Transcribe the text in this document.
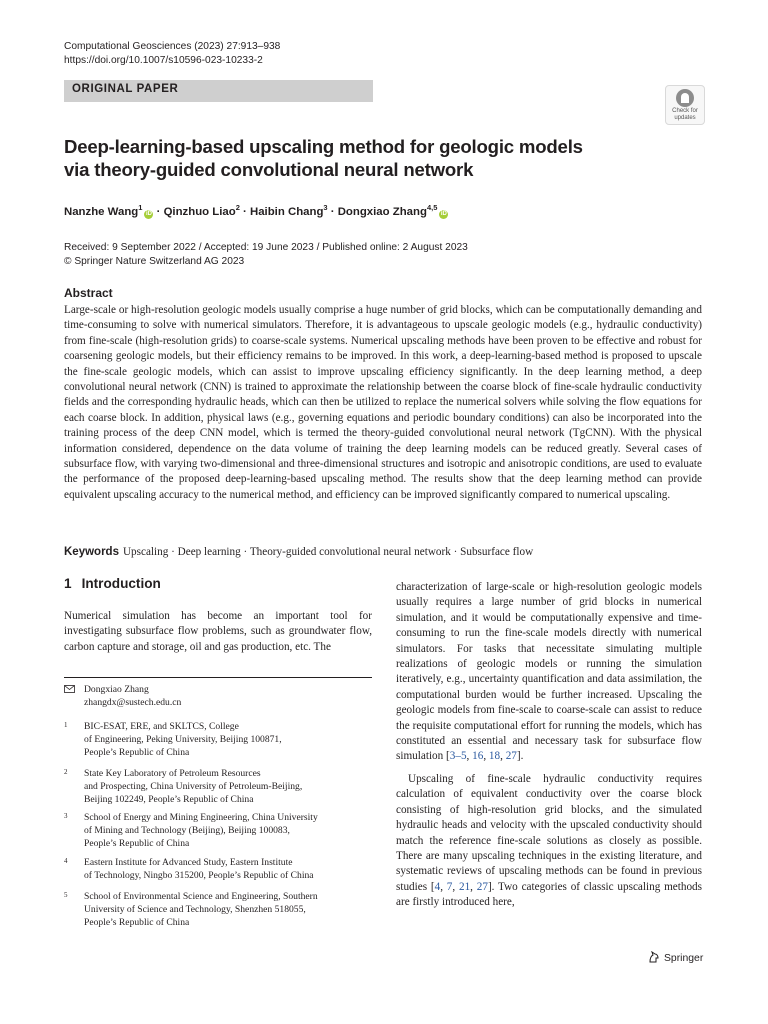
Computational Geosciences (2023) 27:913–938
https://doi.org/10.1007/s10596-023-10233-2
ORIGINAL PAPER
Check for
updates
Deep-learning-based upscaling method for geologic models
via theory-guided convolutional neural network
Nanzhe Wang$^1$iD · Qinzhuo Liao$^2$ · Haibin Chang$^3$ · Dongxiao Zhang$^{4,5}$iD
Received: 9 September 2022 / Accepted: 19 June 2023 / Published online: 2 August 2023
© Springer Nature Switzerland AG 2023
Abstract

Large-scale or high-resolution geologic models usually comprise a huge number of grid blocks, which can be computationally demanding and time-consuming to solve with numerical simulators. Therefore, it is advantageous to upscale geologic models (e.g., hydraulic conductivity) from fine-scale (high-resolution grids) to coarse-scale systems. Numerical upscaling methods have been proven to be effective and robust for coarsening geologic models, but their efficiency remains to be improved. In this work, a deep-learning-based method is proposed to upscale the fine-scale geologic models, which can assist to improve upscaling efficiency significantly. In the deep learning method, a deep convolutional neural network (CNN) is trained to approximate the relationship between the coarse block of fine-scale hydraulic conductivity fields and the corresponding hydraulic heads, which can then be utilized to replace the numerical solvers while solving the flow equations for each coarse block. In addition, physical laws (e.g., governing equations and periodic boundary conditions) can also be incorporated into the training process of the deep CNN model, which is termed the theory-guided convolutional neural network (TgCNN). With the physical information considered, dependence on the data volume of training the deep learning models can be reduced greatly. Several cases of subsurface flow, with varying two-dimensional and three-dimensional structures and isotropic and anisotropic conditions, are used to evaluate the performance of the proposed deep-learning-based upscaling method. The results show that the deep learning method can provide equivalent upscaling accuracy to the numerical method, and efficiency can be improved significantly compared to numerical upscaling.

Keywords Upscaling · Deep learning · Theory-guided convolutional neural network · Subsurface flow
1 Introduction

Numerical simulation has become an important tool for investigating subsurface flow problems, such as groundwater flow, carbon capture and storage, oil and gas production, etc. The

Dongxiao Zhang
zhangdx@sustech.edu.cn
1 BIC-ESAT, ERE, and SKLTCS, College
of Engineering, Peking University, Beijing 100871,
People’s Republic of China
2 State Key Laboratory of Petroleum Resources
and Prospecting, China University of Petroleum-Beijing,
Beijing 102249, People’s Republic of China
3 School of Energy and Mining Engineering, China University
of Mining and Technology (Beijing), Beijing 100083,
People’s Republic of China
4 Eastern Institute for Advanced Study, Eastern Institute
of Technology, Ningbo 315200, People’s Republic of China
5 School of Environmental Science and Engineering, Southern
University of Science and Technology, Shenzhen 518055,
People’s Republic of China

characterization of large-scale or high-resolution geologic models usually requires a large number of grid blocks in numerical simulation, and it would be computationally expensive and time-consuming to run the fine-scale models directly with numerical simulators. For tasks that necessitate simulating multiple realizations of geologic models or running the simulation iteratively, e.g., uncertainty quantification and data assimilation, the computational burden would be further increased. Upscaling the geologic models from fine-scale to coarse-scale can assist to reduce the requisite computational effort for running the models, which has constituted an essential and necessary task for subsurface flow simulation [3–5, 16, 18, 27].

Upscaling of fine-scale hydraulic conductivity requires calculation of equivalent conductivity over the coarse block consisting of high-resolution grid blocks, and the simulated hydraulic heads and velocity with the upscaled conductivity should match the reference fine-scale solutions as closely as possible. There are many upscaling techniques in the existing literature, and systematic reviews of upscaling methods can be found in previous studies [4, 7, 21, 27]. Two categories of classic upscaling methods are firstly introduced here,

Springer
